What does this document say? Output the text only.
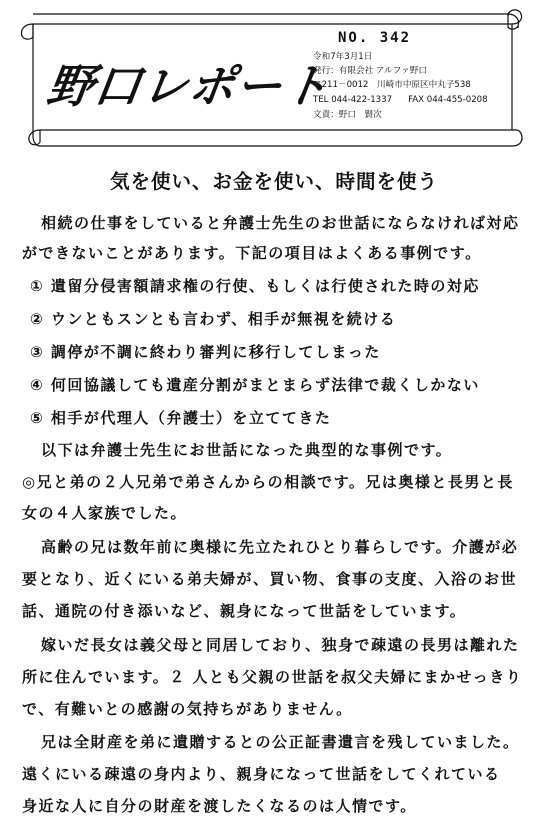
野口レポート
NO. 342
令和7年3月1日
発行：有限会社 アルファ野口
〒211－0012　川崎市中原区中丸子538
TEL 044-422-1337 FAX 044-455-0208
文責：野口　賢次
気を使い、お金を使い、時間を使う
相続の仕事をしていると弁護士先生のお世話にならなければ対応
ができないことがあります。下記の項目はよくある事例です。
① 遺留分侵害額請求権の行使、もしくは行使された時の対応
② ウンともスンとも言わず、相手が無視を続ける
③ 調停が不調に終わり審判に移行してしまった
④ 何回協議しても遺産分割がまとまらず法律で裁くしかない
⑤ 相手が代理人（弁護士）を立ててきた
以下は弁護士先生にお世話になった典型的な事例です。
◎兄と弟の２人兄弟で弟さんからの相談です。兄は奥様と長男と長
女の４人家族でした。
高齢の兄は数年前に奥様に先立たれひとり暮らしです。介護が必
要となり、近くにいる弟夫婦が、買い物、食事の支度、入浴のお世
話、通院の付き添いなど、親身になって世話をしています。
嫁いだ長女は義父母と同居しており、独身で疎遠の長男は離れた
所に住んでいます。２ 人とも父親の世話を叔父夫婦にまかせっきり
で、有難いとの感謝の気持ちがありません。
兄は全財産を弟に遺贈するとの公正証書遺言を残していました。
遠くにいる疎遠の身内より、親身になって世話をしてくれている
身近な人に自分の財産を渡したくなるのは人情です。
